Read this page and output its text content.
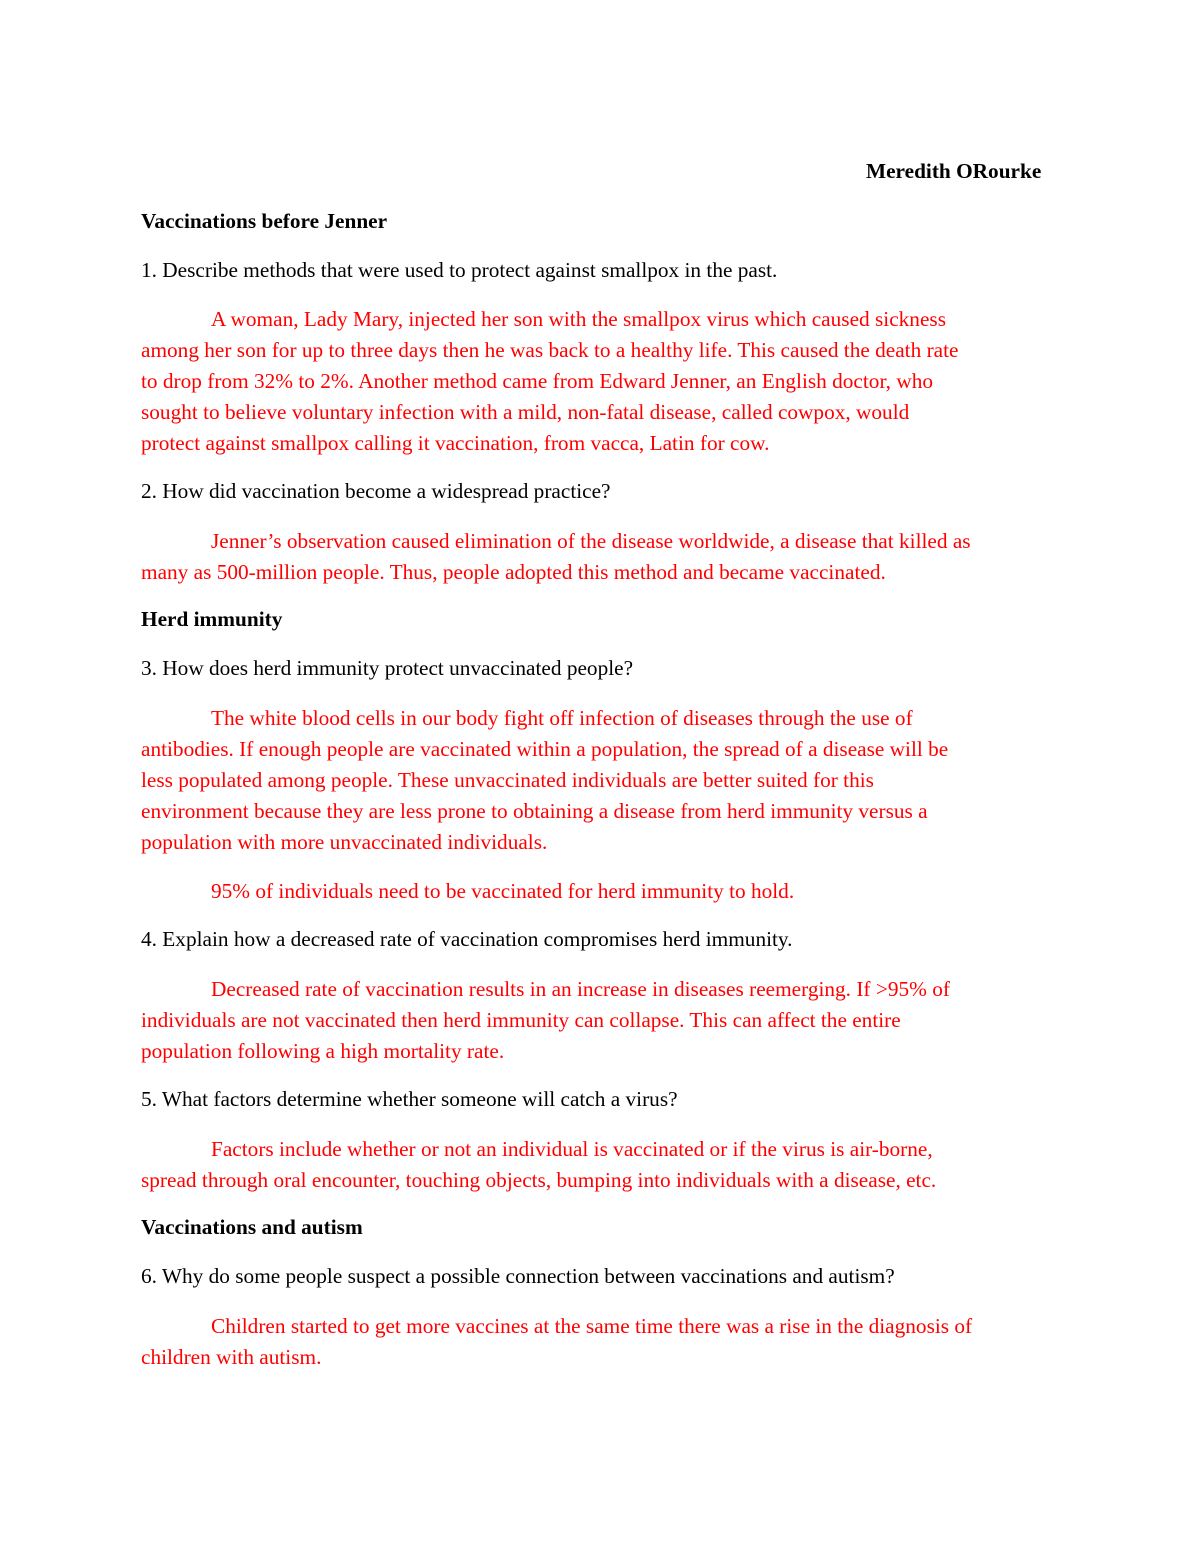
Meredith ORourke
Vaccinations before Jenner
1. Describe methods that were used to protect against smallpox in the past.
A woman, Lady Mary, injected her son with the smallpox virus which caused sickness
among her son for up to three days then he was back to a healthy life. This caused the death rate
to drop from 32% to 2%. Another method came from Edward Jenner, an English doctor, who
sought to believe voluntary infection with a mild, non-fatal disease, called cowpox, would
protect against smallpox calling it vaccination, from vacca, Latin for cow.
2. How did vaccination become a widespread practice?
Jenner’s observation caused elimination of the disease worldwide, a disease that killed as
many as 500-million people. Thus, people adopted this method and became vaccinated.
Herd immunity
3. How does herd immunity protect unvaccinated people?
The white blood cells in our body fight off infection of diseases through the use of
antibodies. If enough people are vaccinated within a population, the spread of a disease will be
less populated among people. These unvaccinated individuals are better suited for this
environment because they are less prone to obtaining a disease from herd immunity versus a
population with more unvaccinated individuals.
95% of individuals need to be vaccinated for herd immunity to hold.
4. Explain how a decreased rate of vaccination compromises herd immunity.
Decreased rate of vaccination results in an increase in diseases reemerging. If >95% of
individuals are not vaccinated then herd immunity can collapse. This can affect the entire
population following a high mortality rate.
5. What factors determine whether someone will catch a virus?
Factors include whether or not an individual is vaccinated or if the virus is air-borne,
spread through oral encounter, touching objects, bumping into individuals with a disease, etc.
Vaccinations and autism
6. Why do some people suspect a possible connection between vaccinations and autism?
Children started to get more vaccines at the same time there was a rise in the diagnosis of
children with autism.
